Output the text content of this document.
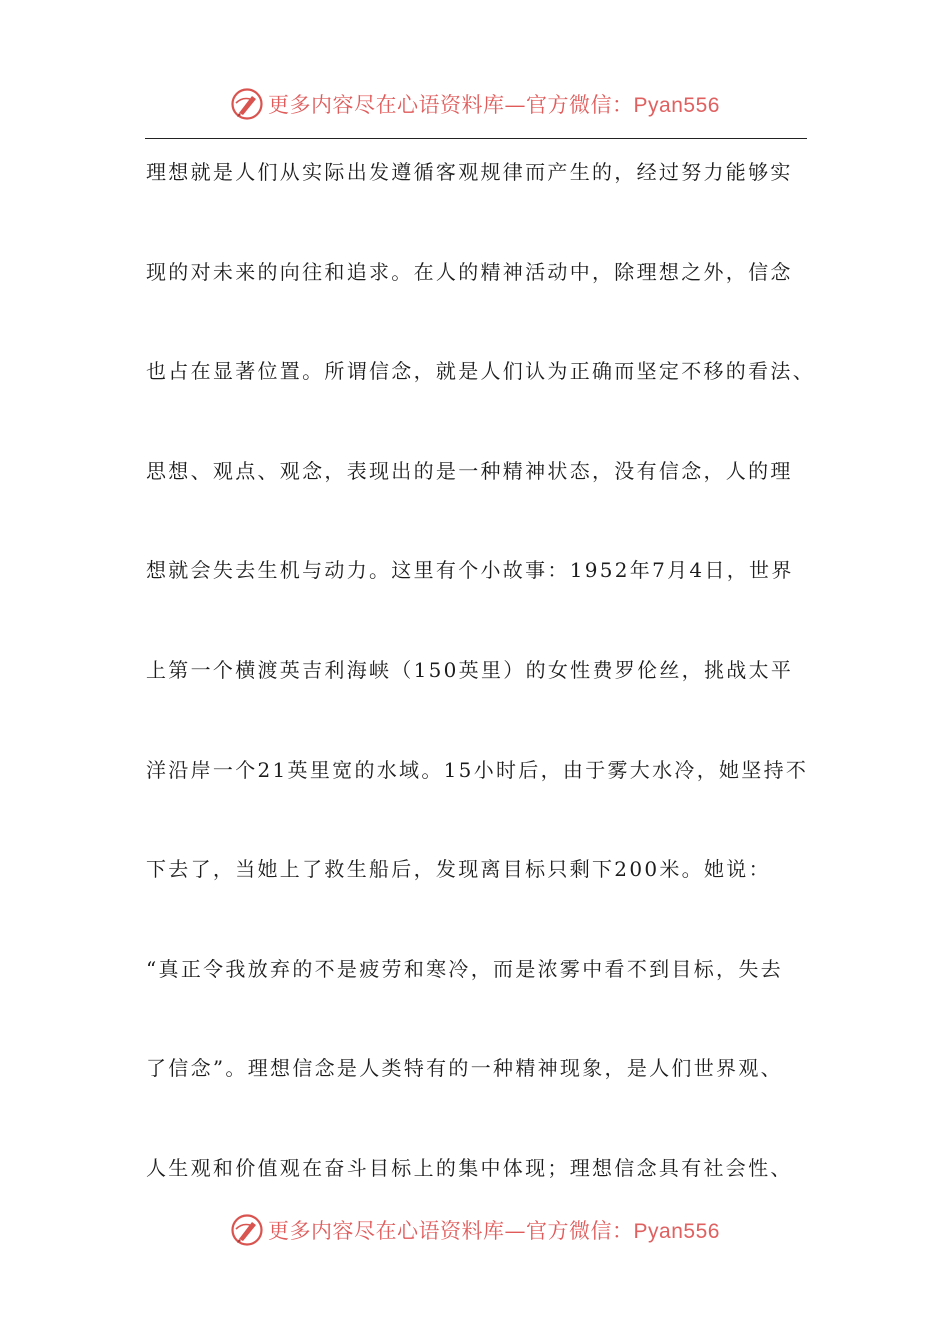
更多内容尽在心语资料库—官方微信：Pyan556
理想就是人们从实际出发遵循客观规律而产生的，经过努力能够实
现的对未来的向往和追求。在人的精神活动中，除理想之外，信念
也占在显著位置。所谓信念，就是人们认为正确而坚定不移的看法、
思想、观点、观念，表现出的是一种精神状态，没有信念，人的理
想就会失去生机与动力。这里有个小故事：1952年7月4日，世界
上第一个横渡英吉利海峡（150英里）的女性费罗伦丝，挑战太平
洋沿岸一个21英里宽的水域。15小时后，由于雾大水冷，她坚持不
下去了，当她上了救生船后，发现离目标只剩下200米。她说：
“真正令我放弃的不是疲劳和寒冷，而是浓雾中看不到目标，失去
了信念”。理想信念是人类特有的一种精神现象，是人们世界观、
人生观和价值观在奋斗目标上的集中体现；理想信念具有社会性、
更多内容尽在心语资料库—官方微信：Pyan556
